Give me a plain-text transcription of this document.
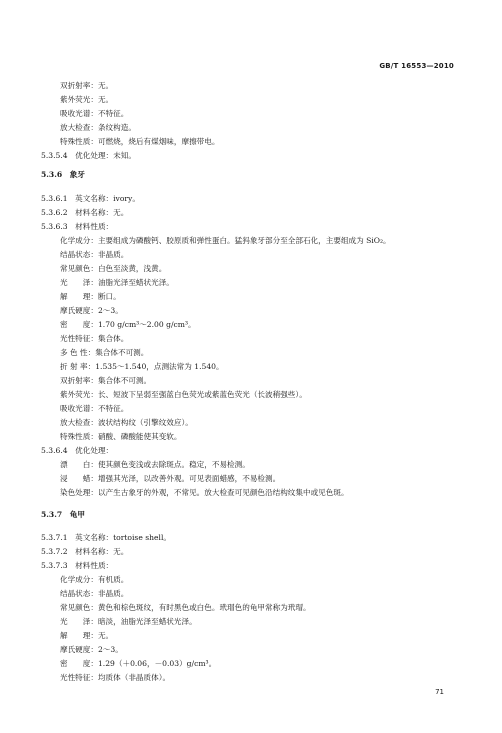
GB/T 16553—2010
双折射率：无。
紫外荧光：无。
吸收光谱：不特征。
放大检查：条纹构造。
特殊性质：可燃烧，烧后有煤烟味，摩擦带电。
5.3.5.4　优化处理：未知。
5.3.6　象牙
5.3.6.1　英文名称：ivory。
5.3.6.2　材料名称：无。
5.3.6.3　材料性质：
化学成分：主要组成为磷酸钙、胶原质和弹性蛋白。猛犸象牙部分至全部石化，主要组成为 SiO₂。
结晶状态：非晶质。
常见颜色：白色至淡黄，浅黄。
光　　泽：油脂光泽至蜡状光泽。
解　　理：断口。
摩氏硬度：2～3。
密　　度：1.70 g/cm³～2.00 g/cm³。
光性特征：集合体。
多 色 性：集合体不可测。
折 射 率：1.535～1.540，点测法常为 1.540。
双折射率：集合体不可测。
紫外荧光：长、短波下呈弱至强蓝白色荧光或紫蓝色荧光（长波稍强些）。
吸收光谱：不特征。
放大检查：波状结构纹（引擎纹效应）。
特殊性质：硝酸、磷酸能使其变软。
5.3.6.4　优化处理：
漂　　白：使其颜色变浅或去除斑点。稳定，不易检测。
浸　　蜡：增强其光泽，以改善外观。可见表面蜡感，不易检测。
染色处理：以产生古象牙的外观，不常见。放大检查可见颜色沿结构纹集中或见色斑。
5.3.7　龟甲
5.3.7.1　英文名称：tortoise shell。
5.3.7.2　材料名称：无。
5.3.7.3　材料性质：
化学成分：有机质。
结晶状态：非晶质。
常见颜色：黄色和棕色斑纹，有时黑色或白色。玳瑁色的龟甲常称为玳瑁。
光　　泽：暗淡，油脂光泽至蜡状光泽。
解　　理：无。
摩氏硬度：2～3。
密　　度：1.29（＋0.06，－0.03）g/cm³。
光性特征：均质体（非晶质体）。
71
